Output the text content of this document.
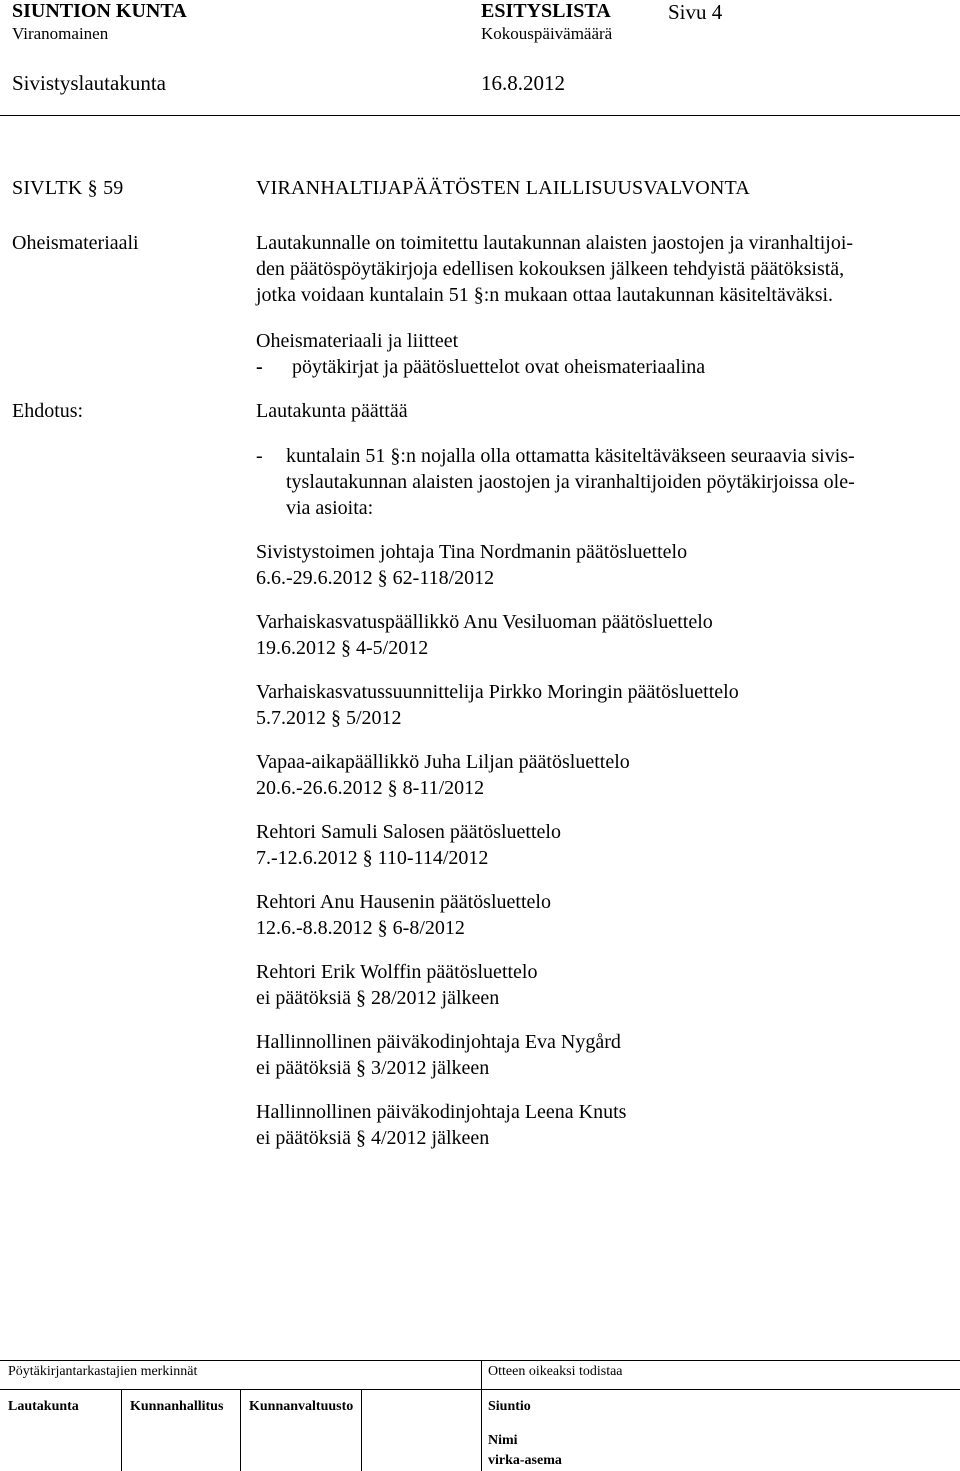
SIUNTION KUNTA
Viranomainen
ESITYSLISTA
Kokouspäivämäärä
Sivu 4
Sivistyslautakunta	16.8.2012
SIVLTK § 59	VIRANHALTIJAPÄÄTÖSTEN LAILLISUUSVALVONTA
Oheismateriaali
Ehdotus:

Lautakunnalle on toimitettu lautakunnan alaisten jaostojen ja viranhaltijoi-

den päätöspöytäkirjoja edellisen kokouksen jälkeen tehdyistä päätöksistä,

jotka voidaan kuntalain 51 §:n mukaan ottaa lautakunnan käsiteltäväksi.

Oheismateriaali ja liitteet
- pöytäkirjat ja päätösluettelot ovat oheismateriaalina
Lautakunta päättää
- kuntalain 51 §:n nojalla olla ottamatta käsiteltäväkseen seuraavia sivis-

tyslautakunnan alaisten jaostojen ja viranhaltijoiden pöytäkirjoissa ole-

via asioita:

Sivistystoimen johtaja Tina Nordmanin päätösluettelo

6.6.-29.6.2012 § 62-118/2012

Varhaiskasvatuspäällikkö Anu Vesiluoman päätösluettelo

19.6.2012 § 4-5/2012

Varhaiskasvatussuunnittelija Pirkko Moringin päätösluettelo

5.7.2012 § 5/2012

Vapaa-aikapäällikkö Juha Liljan päätösluettelo

20.6.-26.6.2012 § 8-11/2012

Rehtori Samuli Salosen päätösluettelo

7.-12.6.2012 § 110-114/2012

Rehtori Anu Hausenin päätösluettelo

12.6.-8.8.2012 § 6-8/2012

Rehtori Erik Wolffin päätösluettelo

ei päätöksiä § 28/2012 jälkeen

Hallinnollinen päiväkodinjohtaja Eva Nygård

ei päätöksiä § 3/2012 jälkeen

Hallinnollinen päiväkodinjohtaja Leena Knuts

ei päätöksiä § 4/2012 jälkeen

Pöytäkirjantarkastajien merkinnät	Otteen oikeaksi todistaa
Lautakunta	Kunnanhallitus Kunnanvaltuusto	Siuntio
Nimi
virka-asema
